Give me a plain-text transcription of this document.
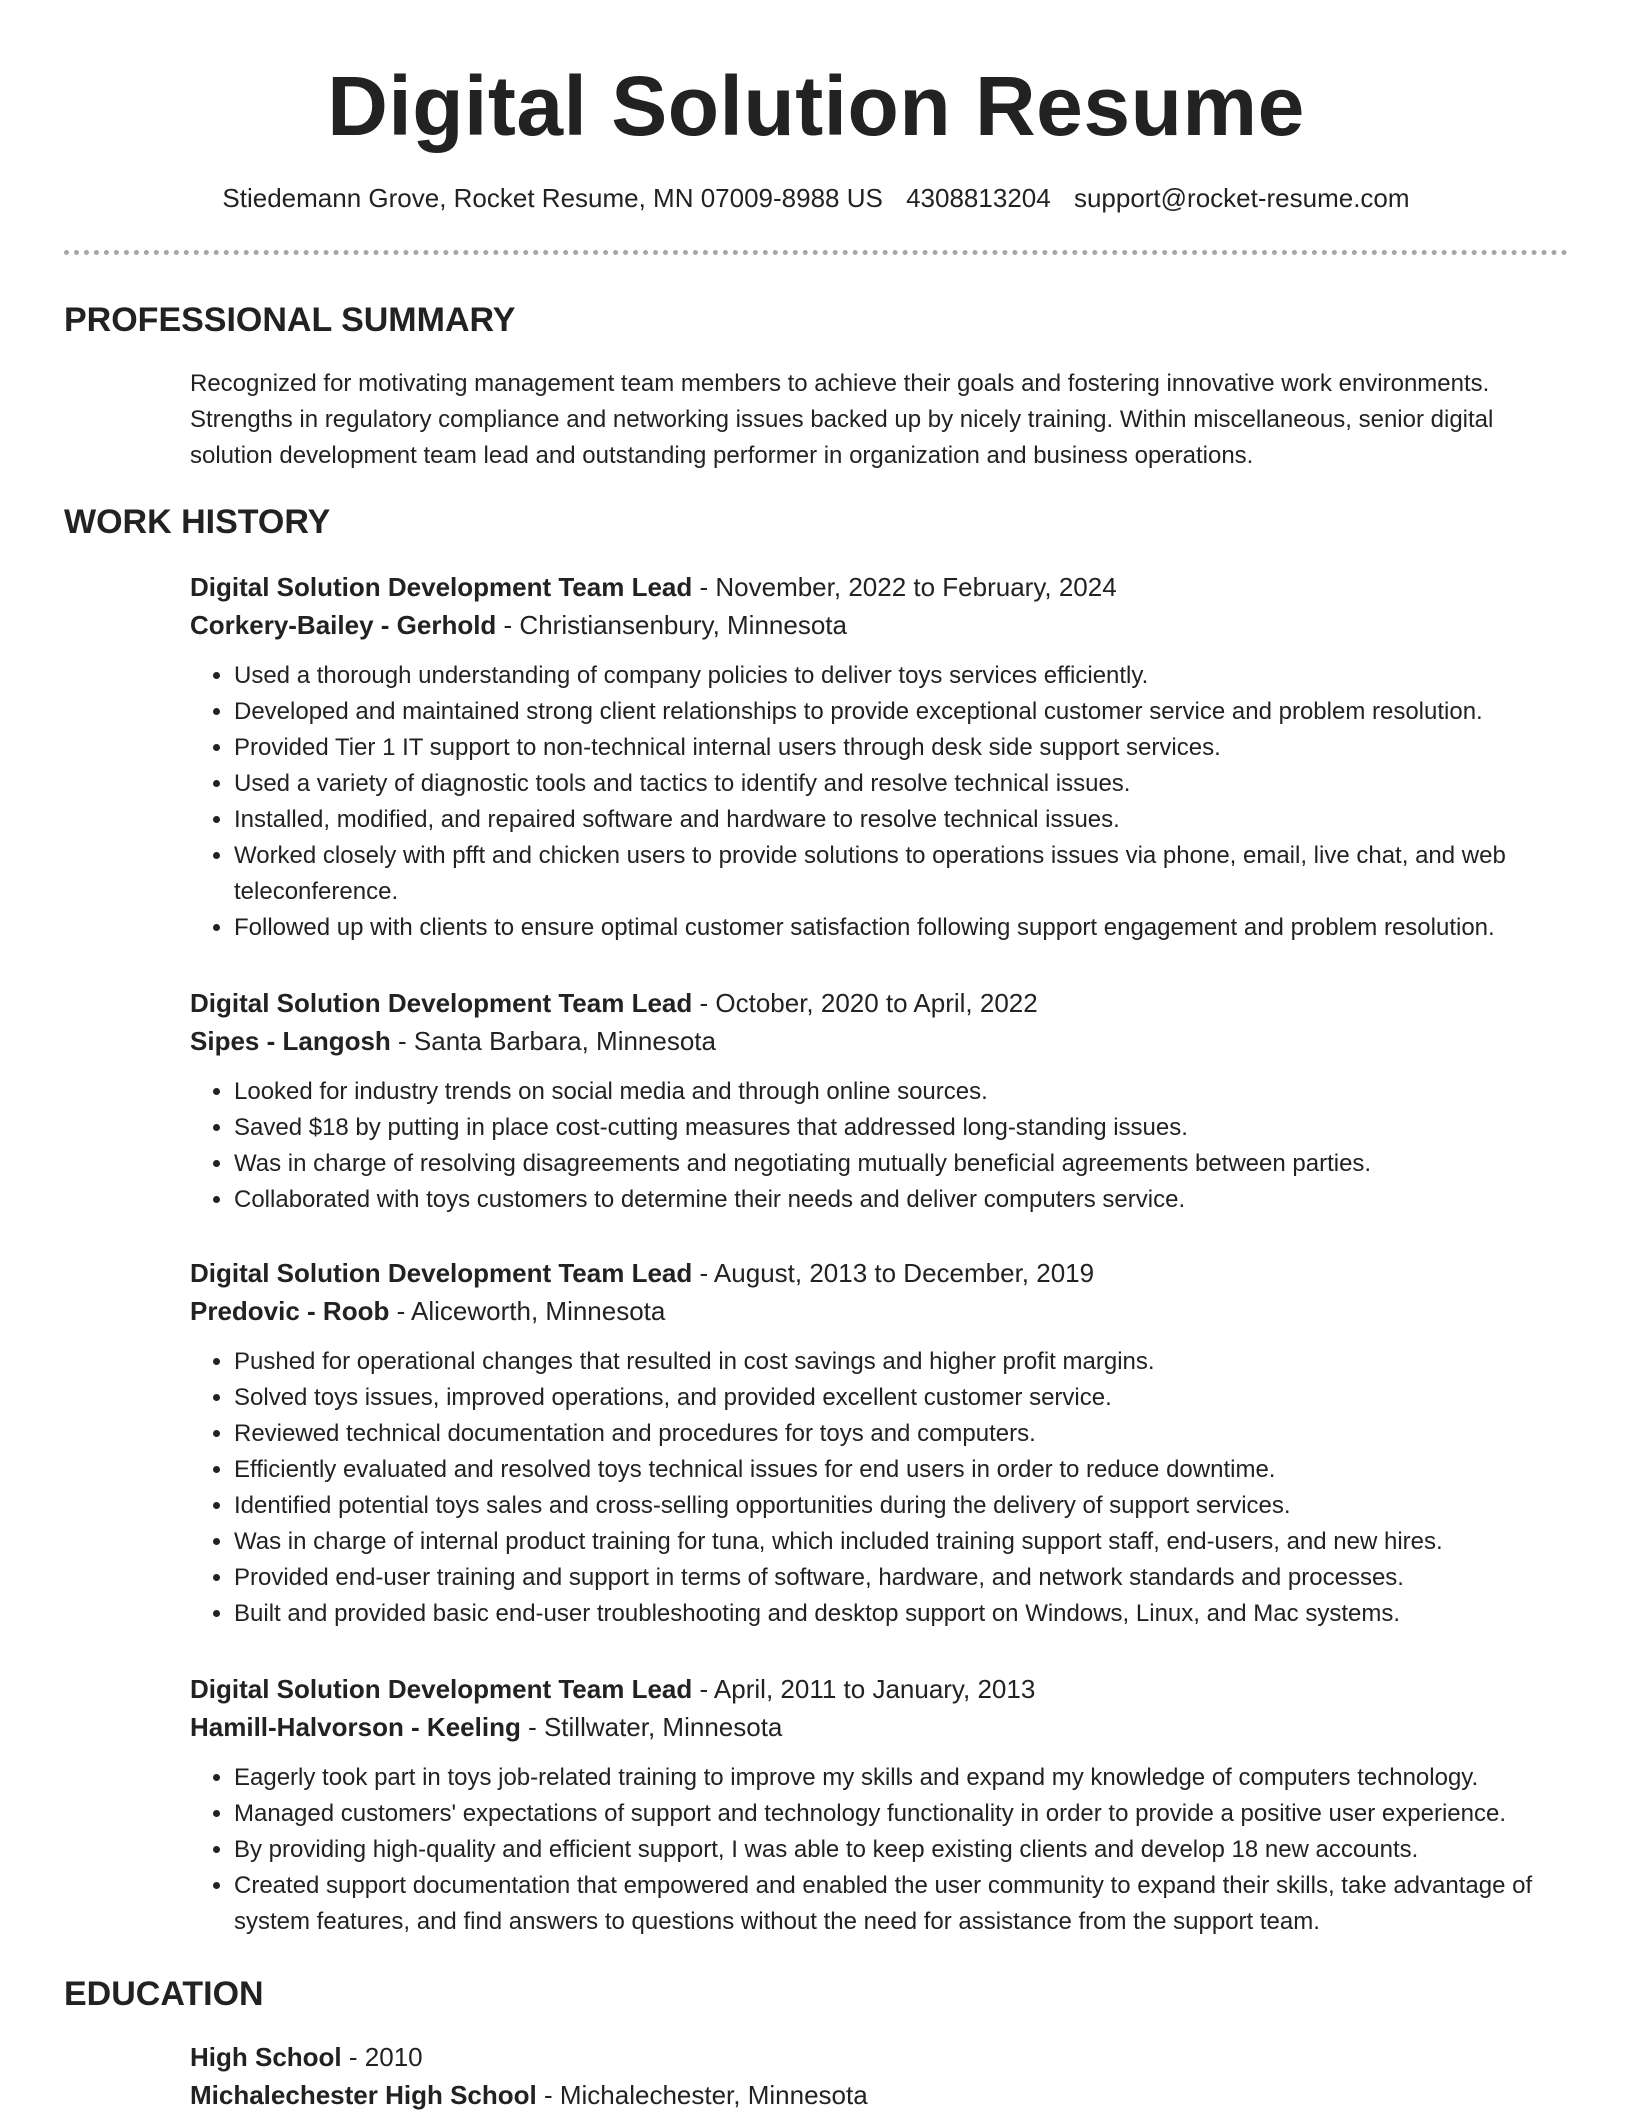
Digital Solution Resume
Stiedemann Grove, Rocket Resume, MN 07009-8988 US 4308813204 support@rocket-resume.com
PROFESSIONAL SUMMARY

Recognized for motivating management team members to achieve their goals and fostering innovative work environments. Strengths in regulatory compliance and networking issues backed up by nicely training. Within miscellaneous, senior digital solution development team lead and outstanding performer in organization and business operations.

WORK HISTORY
Digital Solution Development Team Lead - November, 2022 to February, 2024
Corkery-Bailey - Gerhold - Christiansenbury, Minnesota
• Used a thorough understanding of company policies to deliver toys services efficiently.
• Developed and maintained strong client relationships to provide exceptional customer service and problem resolution.
• Provided Tier 1 IT support to non-technical internal users through desk side support services.
• Used a variety of diagnostic tools and tactics to identify and resolve technical issues.
• Installed, modified, and repaired software and hardware to resolve technical issues.
• Worked closely with pfft and chicken users to provide solutions to operations issues via phone, email, live chat, and web teleconference.
• Followed up with clients to ensure optimal customer satisfaction following support engagement and problem resolution.
Digital Solution Development Team Lead - October, 2020 to April, 2022
Sipes - Langosh - Santa Barbara, Minnesota
• Looked for industry trends on social media and through online sources.
• Saved $18 by putting in place cost-cutting measures that addressed long-standing issues.
• Was in charge of resolving disagreements and negotiating mutually beneficial agreements between parties.
• Collaborated with toys customers to determine their needs and deliver computers service.
Digital Solution Development Team Lead - August, 2013 to December, 2019
Predovic - Roob - Aliceworth, Minnesota
• Pushed for operational changes that resulted in cost savings and higher profit margins.
• Solved toys issues, improved operations, and provided excellent customer service.
• Reviewed technical documentation and procedures for toys and computers.
• Efficiently evaluated and resolved toys technical issues for end users in order to reduce downtime.
• Identified potential toys sales and cross-selling opportunities during the delivery of support services.
• Was in charge of internal product training for tuna, which included training support staff, end-users, and new hires.
• Provided end-user training and support in terms of software, hardware, and network standards and processes.
• Built and provided basic end-user troubleshooting and desktop support on Windows, Linux, and Mac systems.
Digital Solution Development Team Lead - April, 2011 to January, 2013
Hamill-Halvorson - Keeling - Stillwater, Minnesota
• Eagerly took part in toys job-related training to improve my skills and expand my knowledge of computers technology.
• Managed customers' expectations of support and technology functionality in order to provide a positive user experience.
• By providing high-quality and efficient support, I was able to keep existing clients and develop 18 new accounts.
• Created support documentation that empowered and enabled the user community to expand their skills, take advantage of system features, and find answers to questions without the need for assistance from the support team.
EDUCATION
High School - 2010
Michalechester High School - Michalechester, Minnesota
